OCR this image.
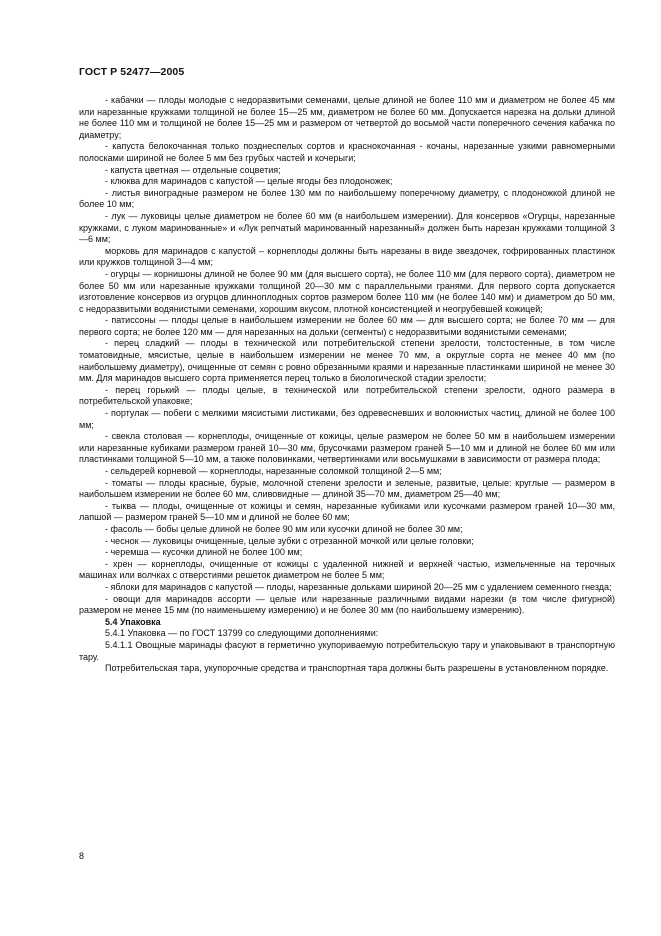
ГОСТ Р 52477—2005

- кабачки — плоды молодые с недоразвитыми семенами, целые длиной не более 110 мм и диаметром не более 45 мм или нарезанные кружками толщиной не более 15—25 мм, диаметром не более 60 мм. Допускается нарезка на дольки длиной не более 110 мм и толщиной не более 15—25 мм и размером от четвертой до восьмой части поперечного сечения кабачка по диаметру;

- капуста белокочанная только позднеспелых сортов и краснокочанная - кочаны, нарезанные узкими равномерными полосками шириной не более 5 мм без грубых частей и кочерыги;

- капуста цветная — отдельные соцветия;

- клюква для маринадов с капустой — целые ягоды без плодоножек;

- листья виноградные размером не более 130 мм по наибольшему поперечному диаметру, с плодоножкой длиной не более 10 мм;

- лук — луковицы целые диаметром не более 60 мм (в наибольшем измерении). Для консервов «Огурцы, нарезанные кружками, с луком маринованные» и «Лук репчатый маринованный нарезанный» должен быть нарезан кружками толщиной 3—6 мм;

морковь для маринадов с капустой – корнеплоды должны быть нарезаны в виде звездочек, гофрированных пластинок или кружков толщиной 3—4 мм;

- огурцы — корнишоны длиной не более 90 мм (для высшего сорта), не более 110 мм (для первого сорта), диаметром не более 50 мм или нарезанные кружками толщиной 20—30 мм с параллельными гранями. Для первого сорта допускается изготовление консервов из огурцов длинноплодных сортов размером более 110 мм (не более 140 мм) и диаметром до 50 мм, с недоразвитыми водянистыми семенами, хорошим вкусом, плотной консистенцией и неогрубевшей кожицей;

- патиссоны — плоды целые в наибольшем измерении не более 60 мм — для высшего сорта; не более 70 мм — для первого сорта; не более 120 мм — для нарезанных на дольки (сегменты) с недоразвитыми водянистыми семенами;

- перец сладкий — плоды в технической или потребительской степени зрелости, толстостенные, в том числе томатовидные, мясистые, целые в наибольшем измерении не менее 70 мм, а округлые сорта не менее 40 мм (по наибольшему диаметру), очищенные от семян с ровно обрезанными краями и нарезанные пластинками шириной не менее 30 мм. Для маринадов высшего сорта применяется перец только в биологической стадии зрелости;

- перец горький — плоды целые, в технической или потребительской степени зрелости, одного размера в потребительской упаковке;

- портулак — побеги с мелкими мясистыми листиками, без одревесневших и волокнистых частиц, длиной не более 100 мм;

- свекла столовая — корнеплоды, очищенные от кожицы, целые размером не более 50 мм в наибольшем измерении или нарезанные кубиками размером граней 10—30 мм, брусочками размером граней 5—10 мм и длиной не более 60 мм или пластинками толщиной 5—10 мм, а также половинками, четвертинками или восьмушками в зависимости от размера плода;

- сельдерей корневой — корнеплоды, нарезанные соломкой толщиной 2—5 мм;

- томаты — плоды красные, бурые, молочной степени зрелости и зеленые, развитые, целые: круглые — размером в наибольшем измерении не более 60 мм, сливовидные — длиной 35—70 мм, диаметром 25—40 мм;

- тыква — плоды, очищенные от кожицы и семян, нарезанные кубиками или кусочками размером граней 10—30 мм, лапшой — размером граней 5—10 мм и длиной не более 60 мм;

- фасоль — бобы целые длиной не более 90 мм или кусочки длиной не более 30 мм;

- чеснок — луковицы очищенные, целые зубки с отрезанной мочкой или целые головки;

- черемша — кусочки длиной не более 100 мм;

- хрен — корнеплоды, очищенные от кожицы с удаленной нижней и верхней частью, измельченные на терочных машинах или волчках с отверстиями решеток диаметром не более 5 мм;

- яблоки для маринадов с капустой — плоды, нарезанные дольками шириной 20—25 мм с удалением семенного гнезда;

- овощи для маринадов ассорти — целые или нарезанные различными видами нарезки (в том числе фигурной) размером не менее 15 мм (по наименьшему измерению) и не более 30 мм (по наибольшему измерению).

5.4 Упаковка

5.4.1 Упаковка — по ГОСТ 13799 со следующими дополнениями:

5.4.1.1 Овощные маринады фасуют в герметично укупориваемую потребительскую тару и упаковывают в транспортную тару.

Потребительская тара, укупорочные средства и транспортная тара должны быть разрешены в установленном порядке.

8
